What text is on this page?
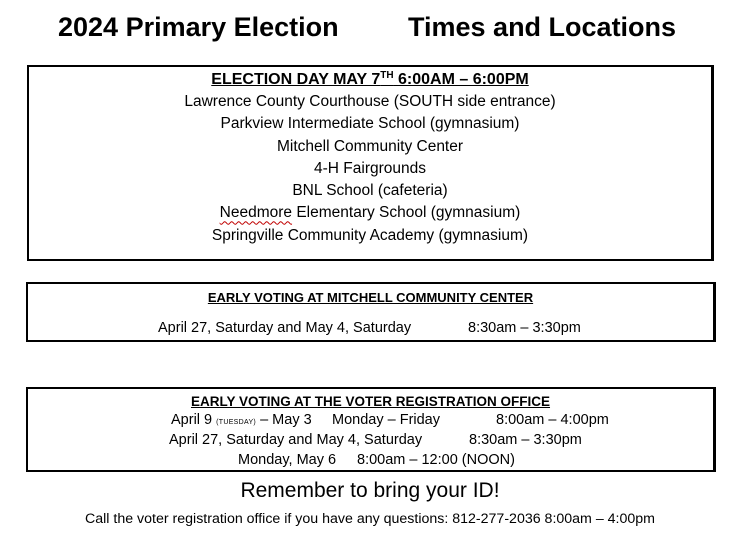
2024 Primary Election	Times and Locations
ELECTION DAY MAY 7TH 6:00AM – 6:00PM
Lawrence County Courthouse (SOUTH side entrance)
Parkview Intermediate School (gymnasium)
Mitchell Community Center
4-H Fairgrounds
BNL School (cafeteria)
Needmore Elementary School (gymnasium)
Springville Community Academy (gymnasium)
EARLY VOTING AT MITCHELL COMMUNITY CENTER
April 27, Saturday and May 4, Saturday	8:30am – 3:30pm
EARLY VOTING AT THE VOTER REGISTRATION OFFICE
April 9 (TUESDAY) – May 3 Monday – Friday	8:00am – 4:00pm
April 27, Saturday and May 4, Saturday	8:30am – 3:30pm
Monday, May 6 8:00am – 12:00 (NOON)
Remember to bring your ID!
Call the voter registration office if you have any questions: 812-277-2036 8:00am – 4:00pm
